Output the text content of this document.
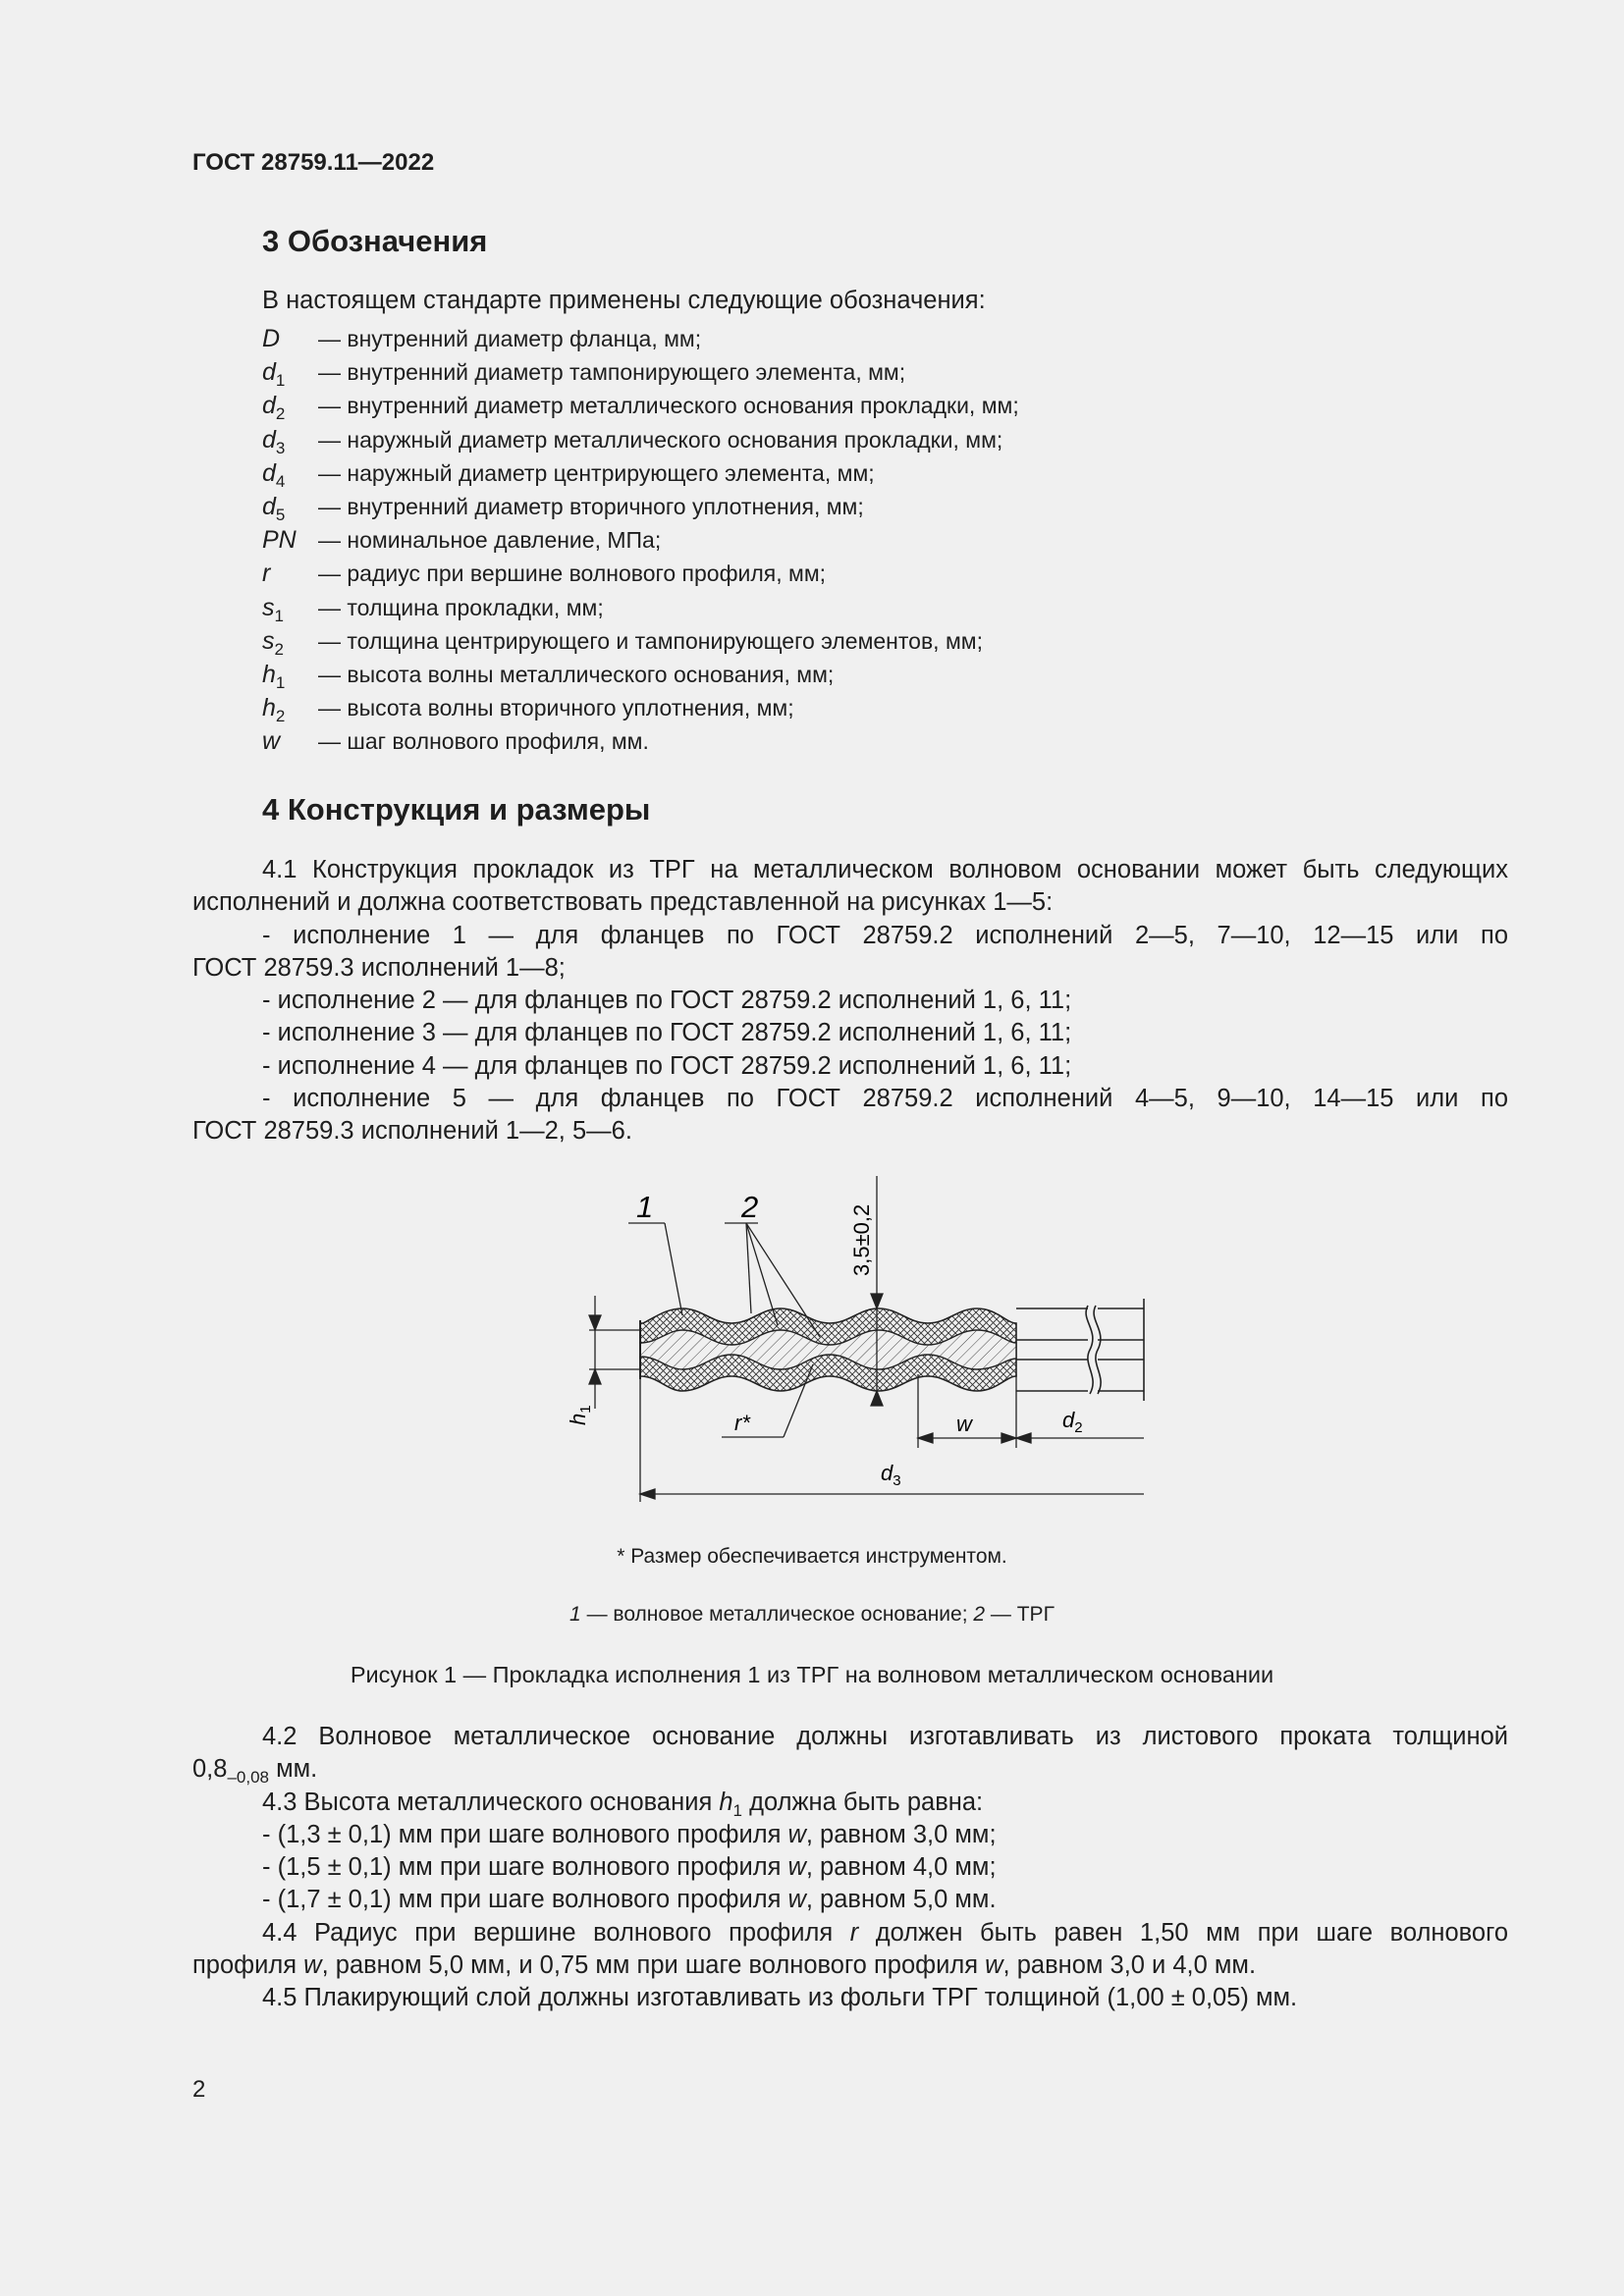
ГОСТ 28759.11—2022
3 Обозначения
В настоящем стандарте применены следующие обозначения:
D — внутренний диаметр фланца, мм;
$d_1$ — внутренний диаметр тампонирующего элемента, мм;
$d_2$ — внутренний диаметр металлического основания прокладки, мм;
$d_3$ — наружный диаметр металлического основания прокладки, мм;
$d_4$ — наружный диаметр центрирующего элемента, мм;
$d_5$ — внутренний диаметр вторичного уплотнения, мм;
PN — номинальное давление, МПа;
r — радиус при вершине волнового профиля, мм;
$s_1$ — толщина прокладки, мм;
$s_2$ — толщина центрирующего и тампонирующего элементов, мм;
$h_1$ — высота волны металлического основания, мм;
$h_2$ — высота волны вторичного уплотнения, мм;
w — шаг волнового профиля, мм.
4 Конструкция и размеры
4.1 Конструкция прокладок из ТРГ на металлическом волновом основании может быть следующих
исполнений и должна соответствовать представленной на рисунках 1—5:
- исполнение 1 — для фланцев по ГОСТ 28759.2 исполнений 2—5, 7—10, 12—15 или по
ГОСТ 28759.3 исполнений 1—8;
- исполнение 2 — для фланцев по ГОСТ 28759.2 исполнений 1, 6, 11;
- исполнение 3 — для фланцев по ГОСТ 28759.2 исполнений 1, 6, 11;
- исполнение 4 — для фланцев по ГОСТ 28759.2 исполнений 1, 6, 11;
- исполнение 5 — для фланцев по ГОСТ 28759.2 исполнений 4—5, 9—10, 14—15 или по
ГОСТ 28759.3 исполнений 1—2, 5—6.
1	2	3,5±0,2
$h_1$
r*	w	$d_2$
$d_3$
* Размер обеспечивается инструментом.
1 — волновое металлическое основание; 2 — ТРГ
Рисунок 1 — Прокладка исполнения 1 из ТРГ на волновом металлическом основании
4.2 Волновое металлическое основание должны изготавливать из листового проката толщиной
$0,8_{-0,08}$ мм.
4.3 Высота металлического основания $h_1$ должна быть равна:
- (1,3 ± 0,1) мм при шаге волнового профиля w, равном 3,0 мм;
- (1,5 ± 0,1) мм при шаге волнового профиля w, равном 4,0 мм;
- (1,7 ± 0,1) мм при шаге волнового профиля w, равном 5,0 мм.
4.4 Радиус при вершине волнового профиля r должен быть равен 1,50 мм при шаге волнового
профиля w, равном 5,0 мм, и 0,75 мм при шаге волнового профиля w, равном 3,0 и 4,0 мм.
4.5 Плакирующий слой должны изготавливать из фольги ТРГ толщиной (1,00 ± 0,05) мм.
2
